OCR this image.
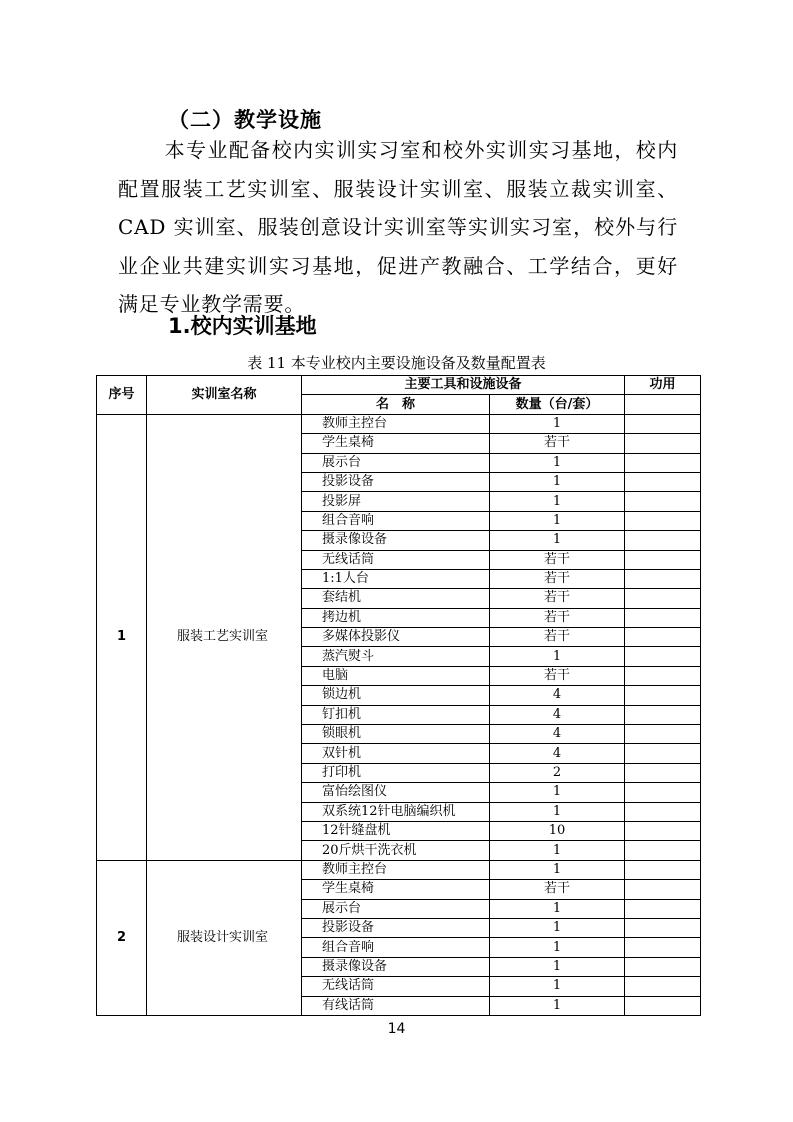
（二）教学设施
本专业配备校内实训实习室和校外实训实习基地，校内配置服装工艺实训室、服装设计实训室、服装立裁实训室、CAD 实训室、服装创意设计实训室等实训实习室，校外与行业企业共建实训实习基地，促进产教融合、工学结合，更好满足专业教学需要。
1.校内实训基地
表 11 本专业校内主要设施设备及数量配置表
序号	实训室名称	主要工具和设施设备		功用
		名　称	数量（台/套）	
1	服装工艺实训室	教师主控台	1	
		学生桌椅	若干	
		展示台	1	
		投影设备	1	
		投影屏	1	
		组合音响	1	
		摄录像设备	1	
		无线话筒	若干	
		1:1人台	若干	
		套结机	若干	
		拷边机	若干	
		多媒体投影仪	若干	
		蒸汽熨斗	1	
		电脑	若干	
		锁边机	4	
		钉扣机	4	
		锁眼机	4	
		双针机	4	
		打印机	2	
		富怡绘图仪	1	
		双系统12针电脑编织机	1	
		12针缝盘机	10	
		20斤烘干洗衣机	1	
2	服装设计实训室	教师主控台	1	
		学生桌椅	若干	
		展示台	1	
		投影设备	1	
		组合音响	1	
		摄录像设备	1	
		无线话筒	1	
		有线话筒	1	
14
